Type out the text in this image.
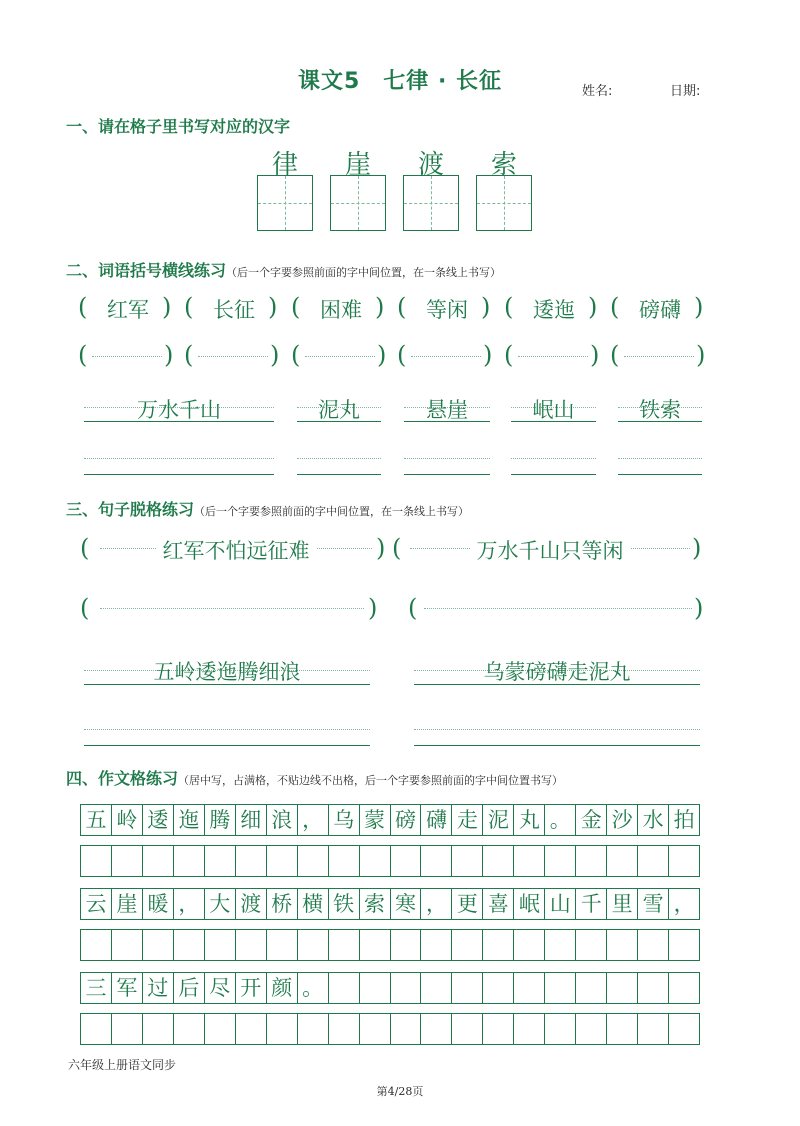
课文5　七律 · 长征	姓名:	日期:
一、请在格子里书写对应的汉字
律	崖	渡	索
二、词语括号横线练习（后一个字要参照前面的字中间位置，在一条线上书写）
( 红军 ) ( 长征 ) ( 困难 ) ( 等闲 ) ( 逶迤 ) ( 磅礴 )
(	) (	) (	) (	) (	) (	)
万水千山	泥丸	悬崖	岷山	铁索
三、句子脱格练习（后一个字要参照前面的字中间位置，在一条线上书写）
(	红军不怕远征难	) (	万水千山只等闲	)
(	) (	)
五岭逶迤腾细浪	乌蒙磅礴走泥丸
四、作文格练习（居中写，占满格，不贴边线不出格，后一个字要参照前面的字中间位置书写）
五 岭 逶 迤 腾 细 浪 ， 乌 蒙 磅 礴 走 泥 丸 。 金 沙 水 拍
云 崖 暖 ， 大 渡 桥 横 铁 索 寒 ， 更 喜 岷 山 千 里 雪 ，
三 军 过 后 尽 开 颜 。
六年级上册语文同步
第4/28页
